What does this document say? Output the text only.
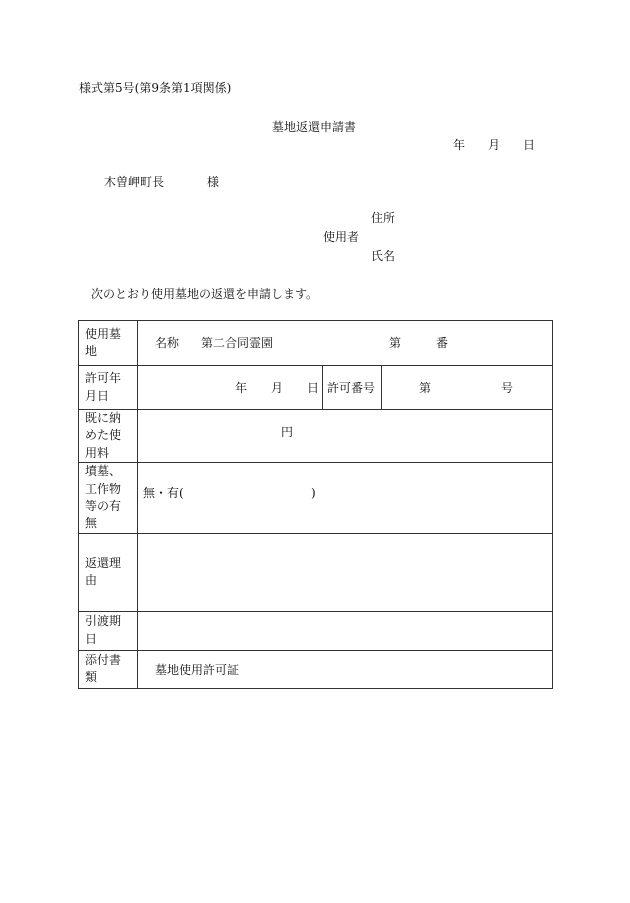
様式第5号(第9条第1項関係)
墓地返還申請書
年 月 日
木曽岬町長	様
住所
使用者
氏名
次のとおり使用墓地の返還を申請します。
使用墓地	名称 第二合同霊園 第 番		

許可年月日	年 月 日	許可番号	第 号

既に納めた使用料	円		

墳墓、工作物等の有無	無・有( )		

返還理由			
引渡期日			
添付書類	墓地使用許可証		
